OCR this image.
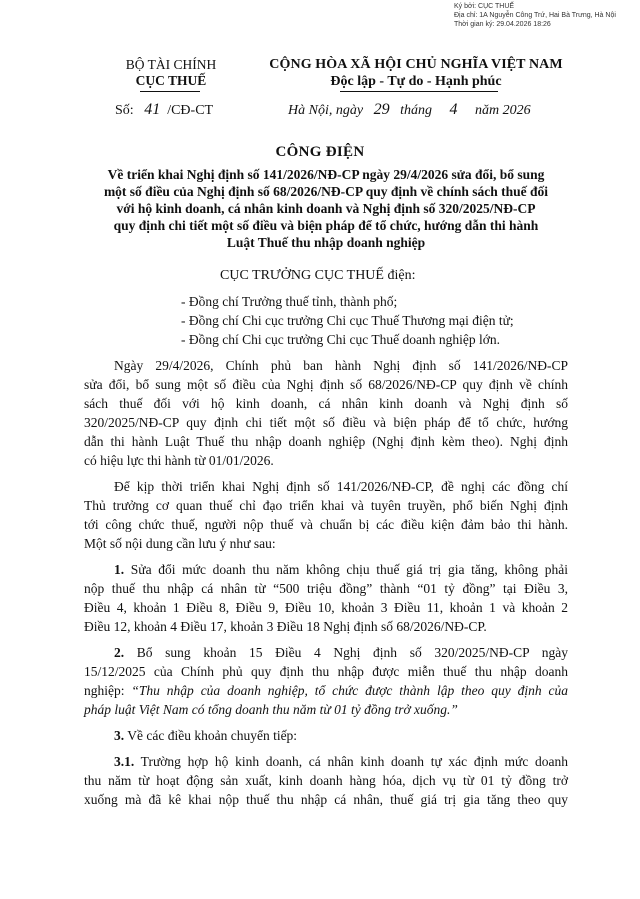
Ký bởi: CỤC THUẾ
Địa chỉ: 1A Nguyễn Công Trứ, Hai Bà Trưng, Hà Nội
Thời gian ký: 29.04.2026 18:26
BỘ TÀI CHÍNH
CỤC THUẾ
CỘNG HÒA XÃ HỘI CHỦ NGHĨA VIỆT NAM
Độc lập - Tự do - Hạnh phúc
Số: 41 /CĐ-CT	Hà Nội, ngày 29 tháng 4 năm 2026
CÔNG ĐIỆN
Về triển khai Nghị định số 141/2026/NĐ-CP ngày 29/4/2026 sửa đổi, bổ sung
một số điều của Nghị định số 68/2026/NĐ-CP quy định về chính sách thuế đối
với hộ kinh doanh, cá nhân kinh doanh và Nghị định số 320/2025/NĐ-CP
quy định chi tiết một số điều và biện pháp để tổ chức, hướng dẫn thi hành
Luật Thuế thu nhập doanh nghiệp
CỤC TRƯỞNG CỤC THUẾ điện:
- Đồng chí Trưởng thuế tỉnh, thành phố;
- Đồng chí Chi cục trưởng Chi cục Thuế Thương mại điện tử;
- Đồng chí Chi cục trưởng Chi cục Thuế doanh nghiệp lớn.
Ngày 29/4/2026, Chính phủ ban hành Nghị định số 141/2026/NĐ-CP
sửa đổi, bổ sung một số điều của Nghị định số 68/2026/NĐ-CP quy định về chính
sách thuế đối với hộ kinh doanh, cá nhân kinh doanh và Nghị định số
320/2025/NĐ-CP quy định chi tiết một số điều và biện pháp để tổ chức, hướng
dẫn thi hành Luật Thuế thu nhập doanh nghiệp (Nghị định kèm theo). Nghị định
có hiệu lực thi hành từ 01/01/2026.
Để kịp thời triển khai Nghị định số 141/2026/NĐ-CP, đề nghị các đồng chí
Thủ trưởng cơ quan thuế chỉ đạo triển khai và tuyên truyền, phổ biến Nghị định
tới công chức thuế, người nộp thuế và chuẩn bị các điều kiện đảm bảo thi hành.
Một số nội dung cần lưu ý như sau:
1. Sửa đổi mức doanh thu năm không chịu thuế giá trị gia tăng, không phải
nộp thuế thu nhập cá nhân từ “500 triệu đồng” thành “01 tỷ đồng” tại Điều 3,
Điều 4, khoản 1 Điều 8, Điều 9, Điều 10, khoản 3 Điều 11, khoản 1 và khoản 2
Điều 12, khoản 4 Điều 17, khoản 3 Điều 18 Nghị định số 68/2026/NĐ-CP.
2. Bổ sung khoản 15 Điều 4 Nghị định số 320/2025/NĐ-CP ngày
15/12/2025 của Chính phủ quy định thu nhập được miễn thuế thu nhập doanh
nghiệp: “Thu nhập của doanh nghiệp, tổ chức được thành lập theo quy định của
pháp luật Việt Nam có tổng doanh thu năm từ 01 tỷ đồng trở xuống.”
3. Về các điều khoản chuyển tiếp:
3.1. Trường hợp hộ kinh doanh, cá nhân kinh doanh tự xác định mức doanh
thu năm từ hoạt động sản xuất, kinh doanh hàng hóa, dịch vụ từ 01 tỷ đồng trở
xuống mà đã kê khai nộp thuế thu nhập cá nhân, thuế giá trị gia tăng theo quy
